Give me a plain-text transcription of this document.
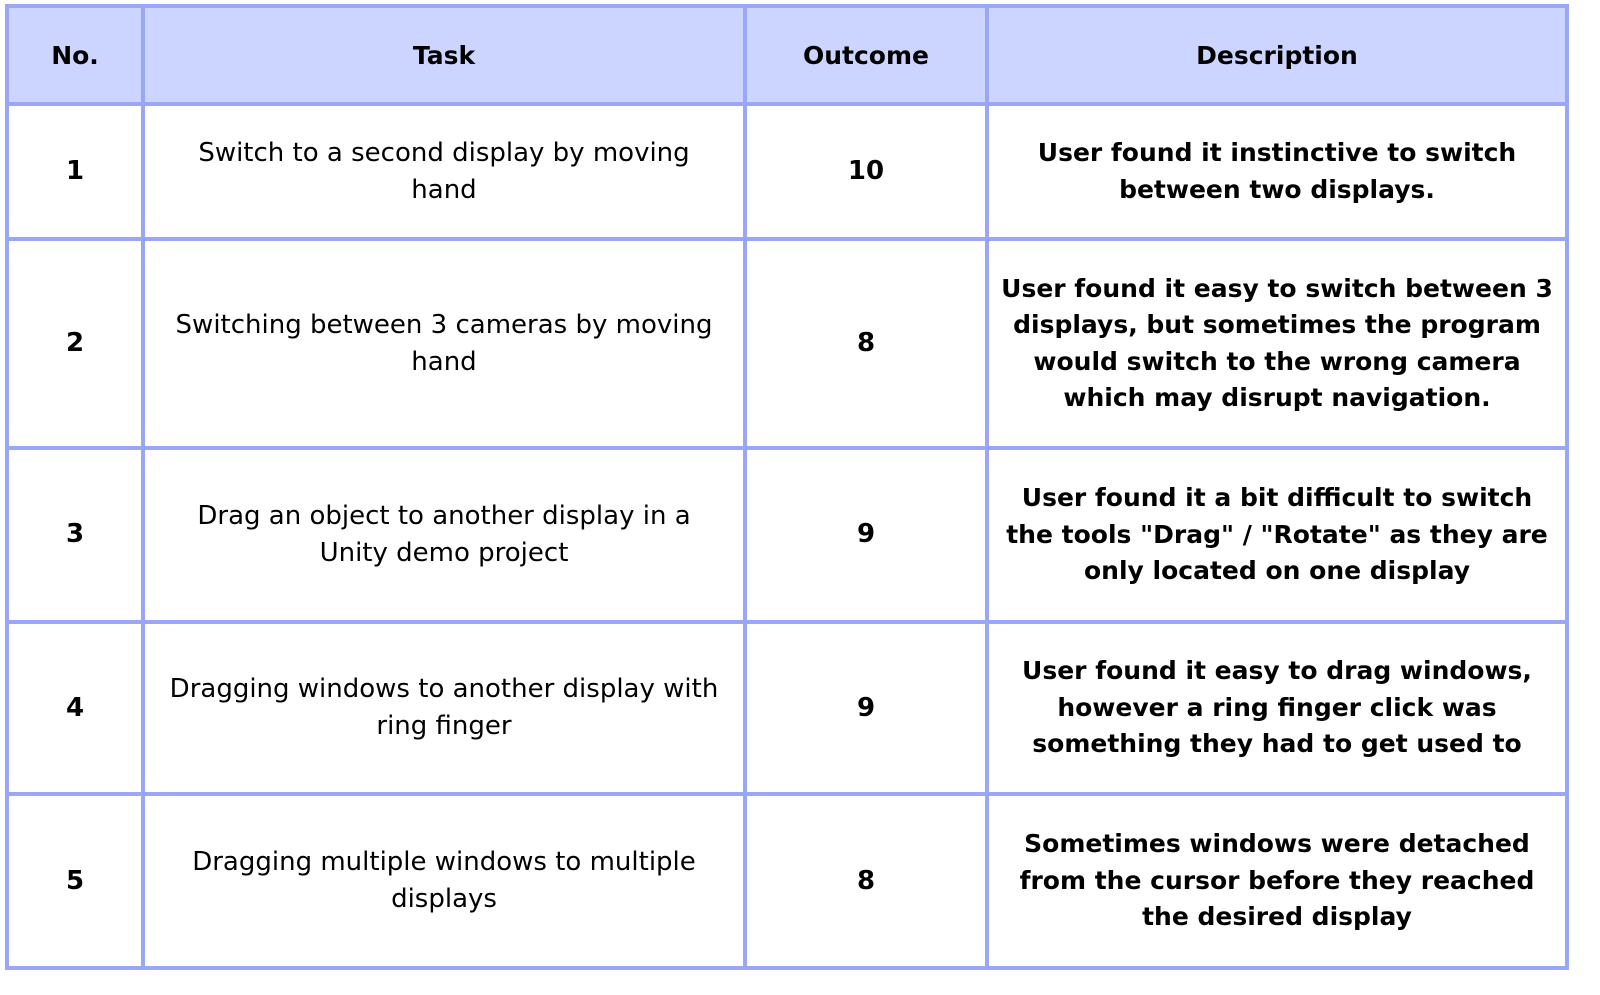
No.	Task	Outcome	Description
1	Switch to a second display by moving hand	10	User found it instinctive to switch between two displays.
2	Switching between 3 cameras by moving hand	8	User found it easy to switch between 3 displays, but sometimes the program would switch to the wrong camera which may disrupt navigation.
3	Drag an object to another display in a Unity demo project	9	User found it a bit difficult to switch the tools "Drag" / "Rotate" as they are only located on one display
4	Dragging windows to another display with ring finger	9	User found it easy to drag windows, however a ring finger click was something they had to get used to
5	Dragging multiple windows to multiple displays	8	Sometimes windows were detached from the cursor before they reached the desired display
